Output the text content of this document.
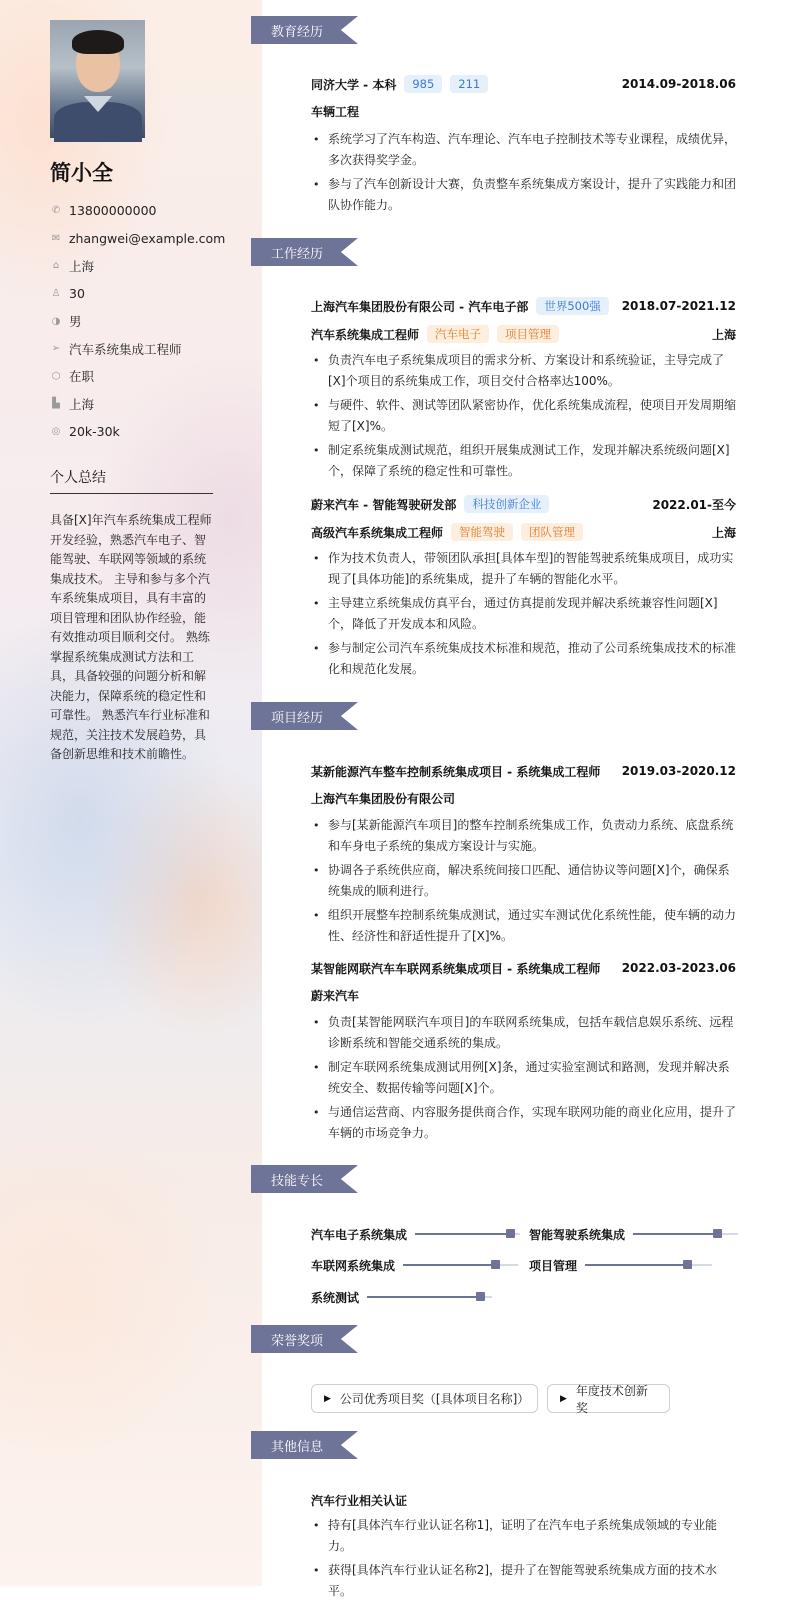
简小全
✆ 13800000000
✉ zhangwei@example.com
⌂ 上海
♙ 30
◑ 男
➢ 汽车系统集成工程师
⬡ 在职
▙ 上海
◎ 20k-30k
个人总结
具备[X]年汽车系统集成工程师开发经验，熟悉汽车电子、智能驾驶、车联网等领域的系统集成技术。 主导和参与多个汽车系统集成项目，具有丰富的项目管理和团队协作经验，能有效推动项目顺利交付。 熟练掌握系统集成测试方法和工具，具备较强的问题分析和解决能力，保障系统的稳定性和可靠性。 熟悉汽车行业标准和规范，关注技术发展趋势，具备创新思维和技术前瞻性。
教育经历
同济大学 - 本科	985	211	2014.09-2018.06
车辆工程
• 系统学习了汽车构造、汽车理论、汽车电子控制技术等专业课程，成绩优异，多次获得奖学金。
• 参与了汽车创新设计大赛，负责整车系统集成方案设计，提升了实践能力和团队协作能力。
工作经历
上海汽车集团股份有限公司 - 汽车电子部	世界500强	2018.07-2021.12
汽车系统集成工程师	汽车电子	项目管理	上海
• 负责汽车电子系统集成项目的需求分析、方案设计和系统验证，主导完成了[X]个项目的系统集成工作，项目交付合格率达100%。
• 与硬件、软件、测试等团队紧密协作，优化系统集成流程，使项目开发周期缩短了[X]%。
• 制定系统集成测试规范，组织开展集成测试工作，发现并解决系统级问题[X]个，保障了系统的稳定性和可靠性。
蔚来汽车 - 智能驾驶研发部	科技创新企业	2022.01-至今
高级汽车系统集成工程师	智能驾驶	团队管理	上海
• 作为技术负责人，带领团队承担[具体车型]的智能驾驶系统集成项目，成功实现了[具体功能]的系统集成，提升了车辆的智能化水平。
• 主导建立系统集成仿真平台，通过仿真提前发现并解决系统兼容性问题[X]个，降低了开发成本和风险。
• 参与制定公司汽车系统集成技术标准和规范，推动了公司系统集成技术的标准化和规范化发展。
项目经历
某新能源汽车整车控制系统集成项目 - 系统集成工程师 2019.03-2020.12
上海汽车集团股份有限公司
• 参与[某新能源汽车项目]的整车控制系统集成工作，负责动力系统、底盘系统和车身电子系统的集成方案设计与实施。
• 协调各子系统供应商，解决系统间接口匹配、通信协议等问题[X]个，确保系统集成的顺利进行。
• 组织开展整车控制系统集成测试，通过实车测试优化系统性能，使车辆的动力性、经济性和舒适性提升了[X]%。
某智能网联汽车车联网系统集成项目 - 系统集成工程师 2022.03-2023.06
蔚来汽车
• 负责[某智能网联汽车项目]的车联网系统集成，包括车载信息娱乐系统、远程诊断系统和智能交通系统的集成。
• 制定车联网系统集成测试用例[X]条，通过实验室测试和路测，发现并解决系统安全、数据传输等问题[X]个。
• 与通信运营商、内容服务提供商合作，实现车联网功能的商业化应用，提升了车辆的市场竞争力。
技能专长
汽车电子系统集成	智能驾驶系统集成
车联网系统集成	项目管理
系统测试
荣誉奖项
▶ 公司优秀项目奖（[具体项目名称]）	▶
年度技术创新奖
其他信息
汽车行业相关认证
• 持有[具体汽车行业认证名称1]，证明了在汽车电子系统集成领域的专业能力。
• 获得[具体汽车行业认证名称2]，提升了在智能驾驶系统集成方面的技术水平。
